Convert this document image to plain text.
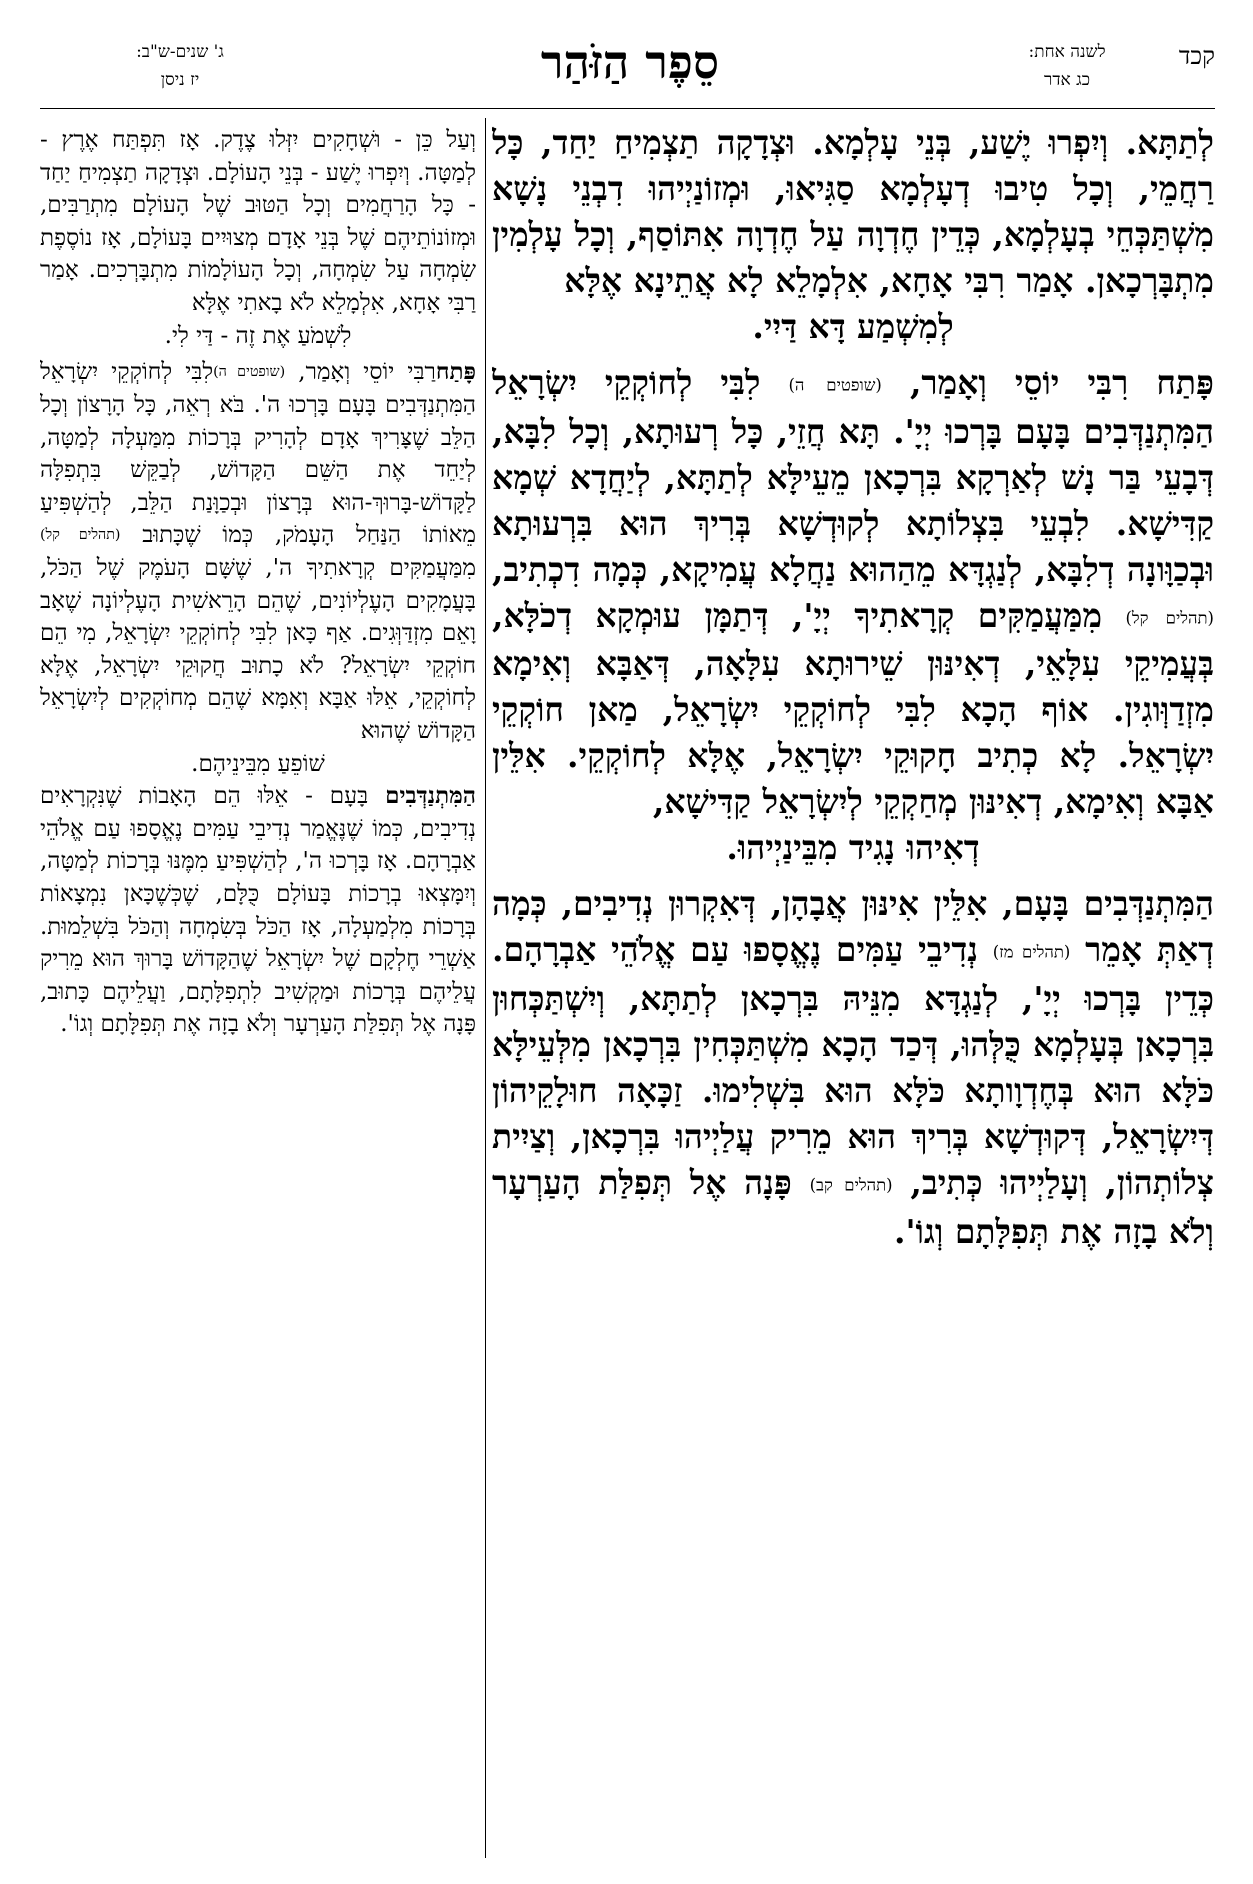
ג' שנים-ש"ב:
יז ניסן	סֵפֶר הַזֹּהַר	לשנה אחת:
כג אדר
קכד

לְתַתָּא. וְיִפְרוּ יֶשַׁע, בְּנֵי עָלְמָא. וּצְדָקָה תַצְמִיחַ יַחַד, כָּל רַחֲמֵי, וְכָל טִיבוּ דְעָלְמָא סַגִּיאוּ, וּמְזוֹנַיְיהוּ דִבְנֵי נָשָׁא מִשְׁתַּכְּחֵי בְעָלְמָא, כְּדֵין חֶדְוָה עַל חֶדְוָה אִתּוֹסַף, וְכָל עָלְמִין מִתְבָּרְכָאן. אָמַר רִבִּי אָחָא, אִלְמָלֵא לָא אֲתֵינָא אֶלָּא

לְמִשְׁמַע דָּא דַּיִי.

פָּתַח רִבִּי יוֹסֵי וְאָמַר, (שופטים ה) לִבִּי לְחוֹקְקֵי יִשְׂרָאֵל הַמִּתְנַדְּבִים בָּעָם בָּרְכוּ יְיָ'. תָּא חֲזֵי, כָּל רְעוּתָא, וְכָל לִבָּא, דְּבָעֵי בַּר נָשׁ לְאַרְקָא בִּרְכָאן מֵעֵילָּא לְתַתָּא, לְיַחֲדָא שְׁמָא קַדִּישָׁא. לִבְעֵי בִּצְלוֹתָא לְקוּדְשָׁא בְּרִיךְ הוּא בִּרְעוּתָא וּבְכַוָּונָה דְלִבָּא, לְנַגְדָּא מֵהַהוּא נַחֲלָא עֲמִיקָא, כְּמָה דִכְתִיב, (תהלים קל) מִמַּעֲמַקִּים קְרָאתִיךָ יְיָ', דְּתַמָּן עוּמְקָא דְכֹלָּא, בְּעֲמִיקֵי עִלָּאֵי, דְאִינּוּן שֵׁירוּתָא עִלָּאָה, דְּאַבָּא וְאִימָא מִזְדַוְּוגִין. אוֹף הָכָא לִבִּי לְחוֹקְקֵי יִשְׂרָאֵל, מַאן חוֹקְקֵי יִשְׂרָאֵל. לָא כְתִיב חָקוּקֵי יִשְׂרָאֵל, אֶלָּא לְחוֹקְקֵי. אִלֵּין אַבָּא וְאִימָא, דְאִינּוּן מְחַקְקֵי לְיִשְׂרָאֵל קַדִּישָׁא,

דְאִיהוּ נָגִיד מִבֵּינַיְיהוּ.

הַמִּתְנַדְּבִים בָּעָם, אִלֵּין אִינּוּן אֲבָהָן, דְּאִקְרוּן נְדִיבִים, כְּמָה דְאַתְּ אָמֵר (תהלים מז) נְדִיבֵי עַמִּים נֶאֱסָפוּ עַם אֱלֹהֵי אַבְרָהָם. כְּדֵין בָּרְכוּ יְיָ', לְנַגְדָּא מִנֵּיהּ בִּרְכָאן לְתַתָּא, וְיִשְׁתַּכְּחוּן בִּרְכָאן בְּעָלְמָא כֻּלְּהוּ, דְּכַד הָכָא מִשְׁתַּכְּחִין בִּרְכָאן מִלְּעֵילָּא כֹּלָּא הוּא בְּחֶדְוָותָא כֹּלָּא הוּא בִּשְׁלִימוּ. זַכָּאָה חוּלָקֵיהוֹן דְּיִשְׂרָאֵל, דְּקוּדְשָׁא בְּרִיךְ הוּא מֵרִיק עֲלַיְיהוּ בִּרְכָאן, וְצַיִית צְלוֹתְהוֹן, וְעָלַיְיהוּ כְּתִיב, (תהלים קב) פָּנָה אֶל תְּפִלַּת הָעַרְעָר וְלֹא בָזָה אֶת תְּפִלָּתָם וְגוֹ'.

וְעַל כֵּן - וּשְׁחָקִים יִזְּלוּ צֶדֶק. אָז תִּפְתַּח אֶרֶץ - לְמַטָּה. וְיִפְרוּ יֶשַׁע - בְּנֵי הָעוֹלָם. וּצְדָקָה תַצְמִיחַ יַחַד - כָּל הָרַחֲמִים וְכָל הַטּוּב שֶׁל הָעוֹלָם מִתְרַבִּים, וּמְזוֹנוֹתֵיהֶם שֶׁל בְּנֵי אָדָם מְצוּיִים בָּעוֹלָם, אָז נוֹסֶפֶת שִׂמְחָה עַל שִׂמְחָה, וְכָל הָעוֹלָמוֹת מִתְבָּרְכִים. אָמַר רַבִּי אָחָא, אִלְמָלֵא לֹא בָאתִי אֶלָּא

לִשְׁמֹעַ אֶת זֶה - דַּי לִי.

פָּתַחרַבִּי יוֹסֵי וְאָמַר, (שופטים ה)לִבִּי לְחוֹקְקֵי יִשְׂרָאֵל הַמִּתְנַדְּבִים בָּעָם בָּרְכוּ ה'. בֹּא רְאֵה, כָּל הָרָצוֹן וְכָל הַלֵּב שֶׁצָּרִיךְ אָדָם לְהָרִיק בְּרָכוֹת מִמַּעְלָה לְמַטָּה, לְיַחֵד אֶת הַשֵּׁם הַקָּדוֹשׁ, לְבַקֵּשׁ בִּתְפִלָּה לַקָּדוֹשׁ-בָּרוּךְ-הוּא בְּרָצוֹן וּבְכַוָּנַת הַלֵּב, לְהַשְׁפִּיעַ מֵאוֹתוֹ הַנַּחַל הָעָמֹק, כְּמוֹ שֶׁכָּתוּב (תהלים קל) מִמַּעֲמַקִּים קְרָאתִיךָ ה', שֶׁשָּׁם הָעֹמֶק שֶׁל הַכֹּל, בָּעֲמָקִים הָעֶלְיוֹנִים, שֶׁהֵם הָרֵאשִׁית הָעֶלְיוֹנָה שֶׁאָב וָאֵם מִזְדַּוְּגִים. אַף כָּאן לִבִּי לְחוֹקְקֵי יִשְׂרָאֵל, מִי הֵם חוֹקְקֵי יִשְׂרָאֵל? לֹא כָתוּב חֲקוּקֵי יִשְׂרָאֵל, אֶלָּא לְחוֹקְקֵי, אֵלּוּ אַבָּא וְאִמָּא שֶׁהֵם מְחוֹקְקִים לְיִשְׂרָאֵל הַקָּדוֹשׁ שֶׁהוּא

שׁוֹפֵעַ מִבֵּינֵיהֶם.

הַמִּתְנַדְּבִים בָּעָם - אֵלּוּ הֵם הָאָבוֹת שֶׁנִּקְרָאִים נְדִיבִים, כְּמוֹ שֶׁנֶּאֱמַר נְדִיבֵי עַמִּים נֶאֱסָפוּ עַם אֱלֹהֵי אַבְרָהָם. אָז בָּרְכוּ ה', לְהַשְׁפִּיעַ מִמֶּנּוּ בְּרָכוֹת לְמַטָּה, וְיִמָּצְאוּ בְרָכוֹת בָּעוֹלָם כֻּלָּם, שֶׁכְּשֶׁכָּאן נִמְצָאוֹת בְּרָכוֹת מִלְמַעְלָה, אָז הַכֹּל בְּשִׂמְחָה וְהַכֹּל בִּשְׁלֵמוּת. אַשְׁרֵי חֶלְקָם שֶׁל יִשְׂרָאֵל שֶׁהַקָּדוֹשׁ בָּרוּךְ הוּא מֵרִיק עֲלֵיהֶם בְּרָכוֹת וּמַקְשִׁיב לִתְפִלָּתָם, וַעֲלֵיהֶם כָּתוּב, פָּנָה אֶל תְּפִלַּת הָעַרְעָר וְלֹא בָזָה אֶת תְּפִלָּתָם וְגוֹ'.
